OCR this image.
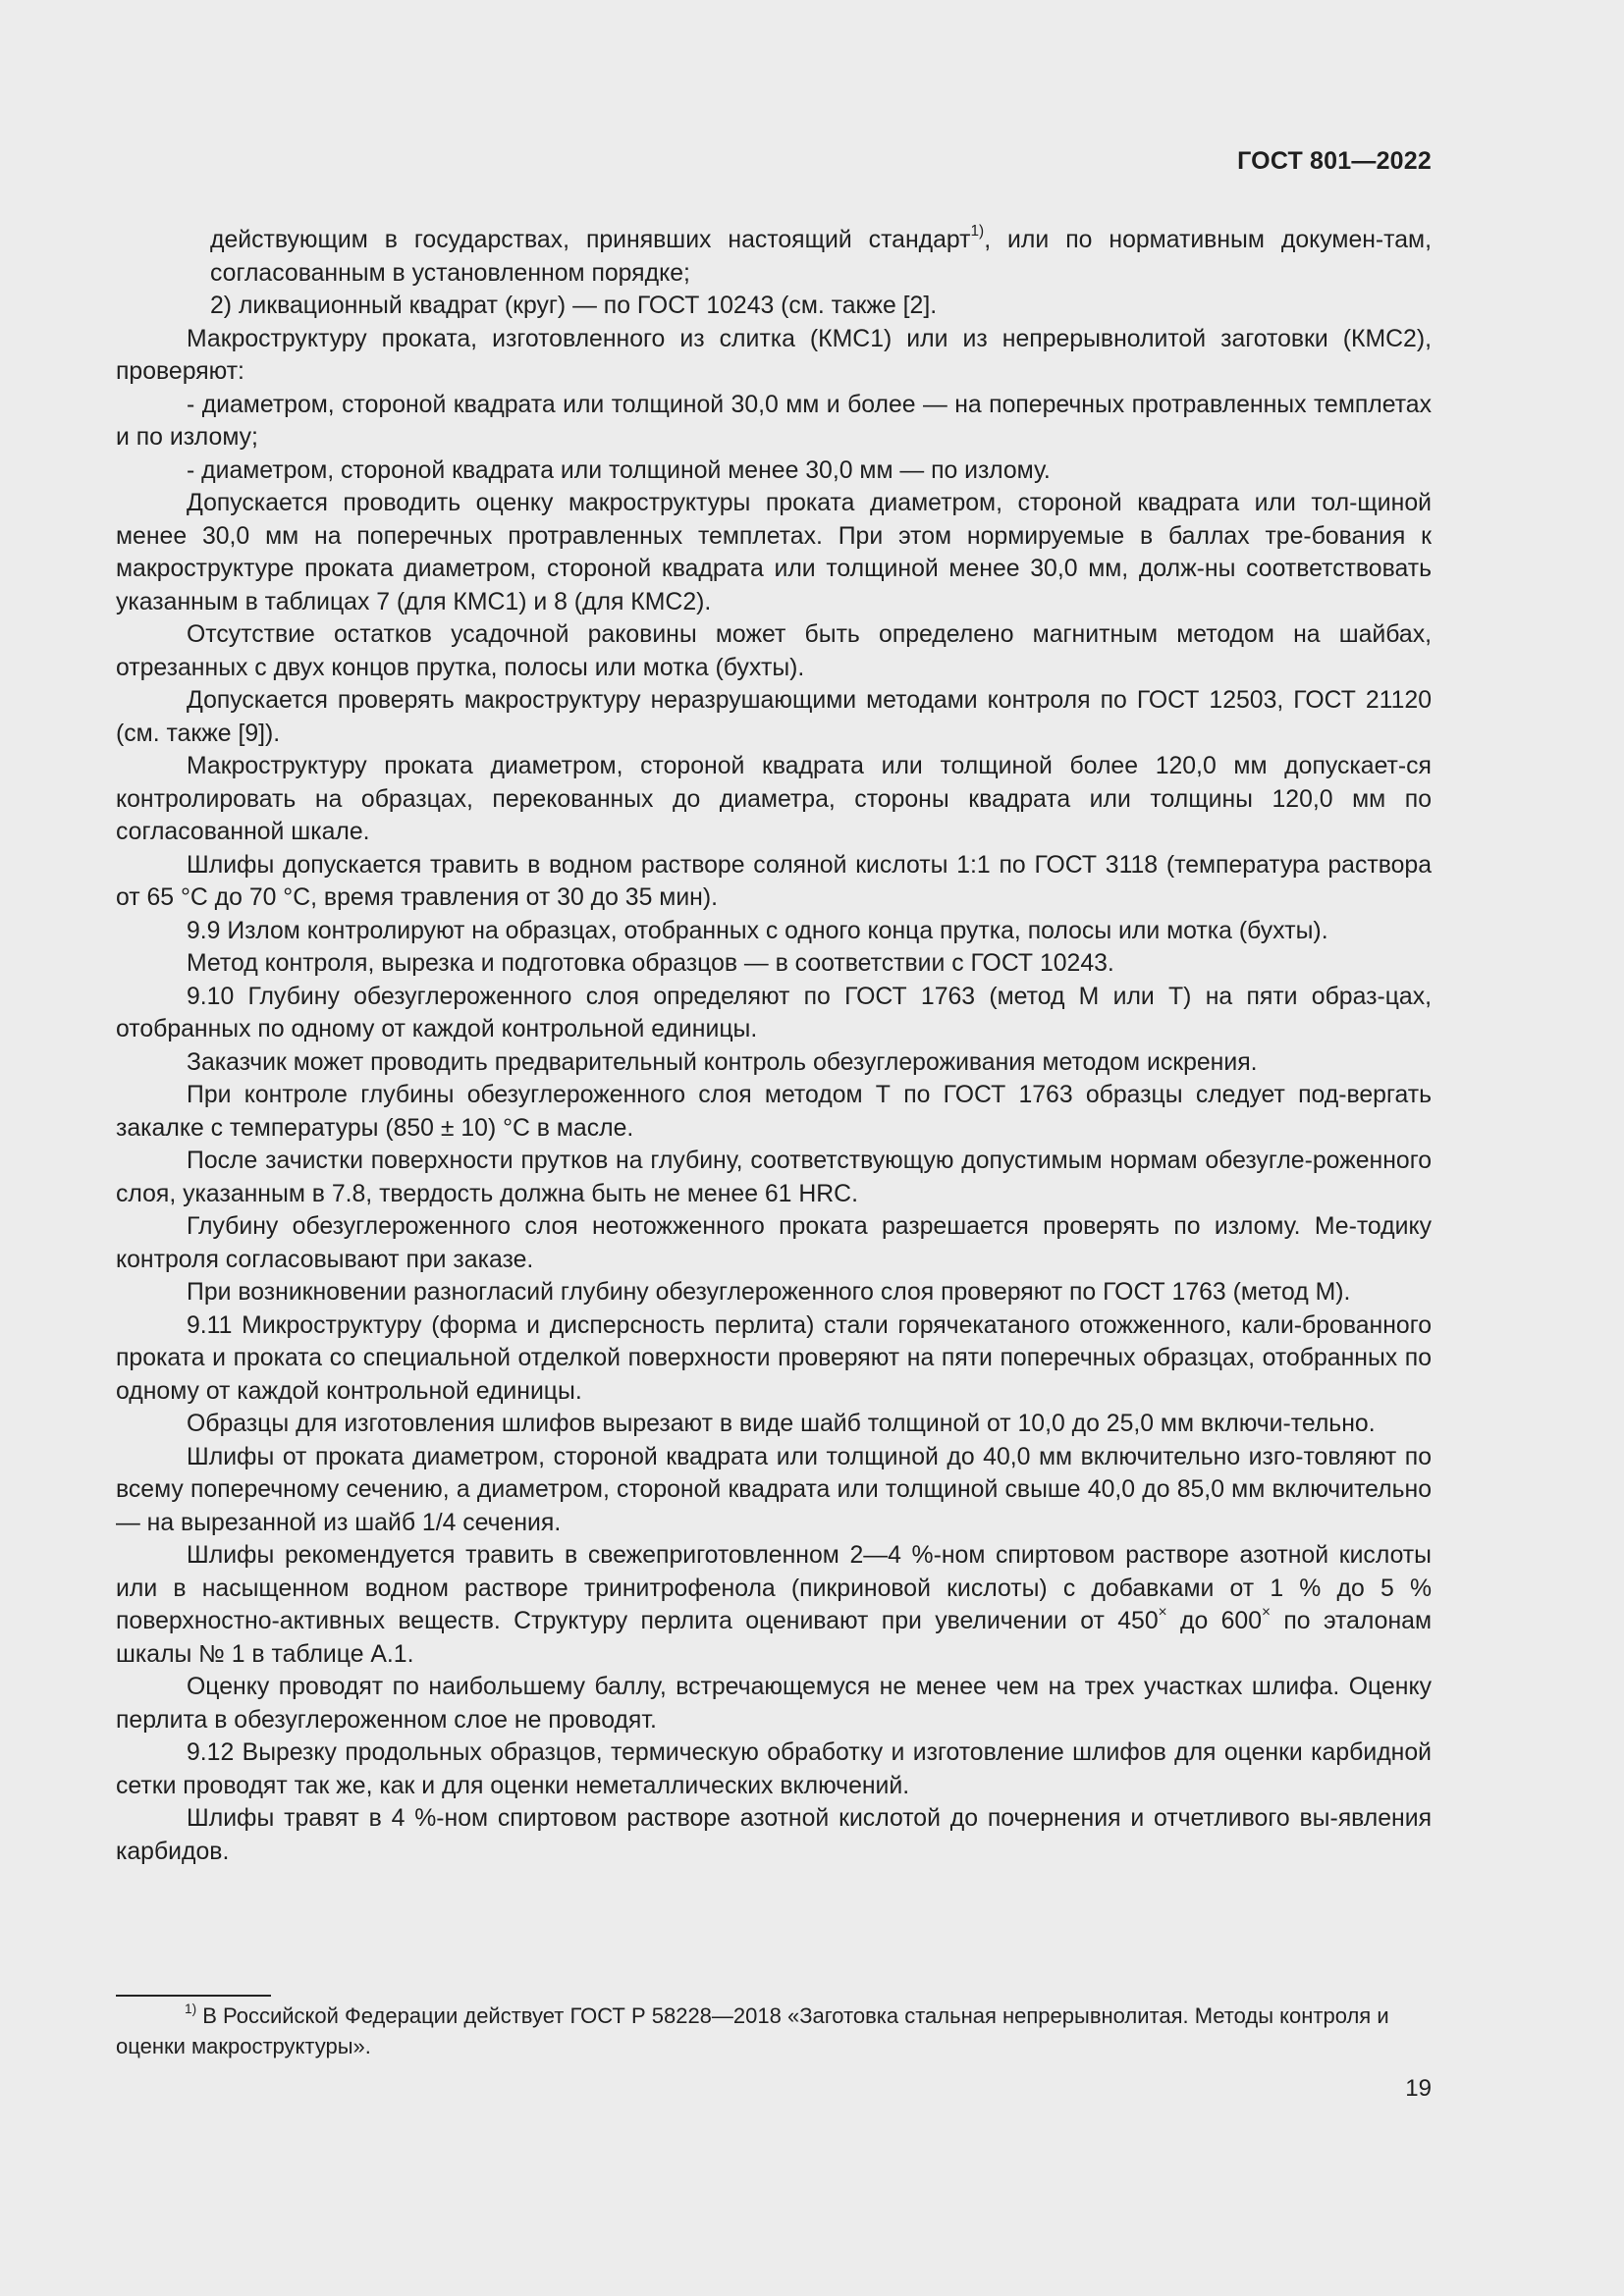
ГОСТ 801—2022

действующим в государствах, принявших настоящий стандарт$^{1)}$, или по нормативным докумен-там, согласованным в установленном порядке;

2) ликвационный квадрат (круг) — по ГОСТ 10243 (см. также [2].

Макроструктуру проката, изготовленного из слитка (КМС1) или из непрерывнолитой заготовки (КМС2), проверяют:

- диаметром, стороной квадрата или толщиной 30,0 мм и более — на поперечных протравленных темплетах и по излому;

- диаметром, стороной квадрата или толщиной менее 30,0 мм — по излому.

Допускается проводить оценку макроструктуры проката диаметром, стороной квадрата или тол-щиной менее 30,0 мм на поперечных протравленных темплетах. При этом нормируемые в баллах тре-бования к макроструктуре проката диаметром, стороной квадрата или толщиной менее 30,0 мм, долж-ны соответствовать указанным в таблицах 7 (для КМС1) и 8 (для КМС2).

Отсутствие остатков усадочной раковины может быть определено магнитным методом на шайбах, отрезанных с двух концов прутка, полосы или мотка (бухты).

Допускается проверять макроструктуру неразрушающими методами контроля по ГОСТ 12503, ГОСТ 21120 (см. также [9]).

Макроструктуру проката диаметром, стороной квадрата или толщиной более 120,0 мм допускает-ся контролировать на образцах, перекованных до диаметра, стороны квадрата или толщины 120,0 мм по согласованной шкале.

Шлифы допускается травить в водном растворе соляной кислоты 1:1 по ГОСТ 3118 (температура раствора от 65 °С до 70 °С, время травления от 30 до 35 мин).

9.9 Излом контролируют на образцах, отобранных с одного конца прутка, полосы или мотка (бухты).

Метод контроля, вырезка и подготовка образцов — в соответствии с ГОСТ 10243.

9.10 Глубину обезуглероженного слоя определяют по ГОСТ 1763 (метод М или Т) на пяти образ-цах, отобранных по одному от каждой контрольной единицы.

Заказчик может проводить предварительный контроль обезуглероживания методом искрения.

При контроле глубины обезуглероженного слоя методом Т по ГОСТ 1763 образцы следует под-вергать закалке с температуры (850 ± 10) °С в масле.

После зачистки поверхности прутков на глубину, соответствующую допустимым нормам обезугле-роженного слоя, указанным в 7.8, твердость должна быть не менее 61 HRC.

Глубину обезуглероженного слоя неотожженного проката разрешается проверять по излому. Ме-тодику контроля согласовывают при заказе.

При возникновении разногласий глубину обезуглероженного слоя проверяют по ГОСТ 1763 (метод М).

9.11 Микроструктуру (форма и дисперсность перлита) стали горячекатаного отожженного, кали-брованного проката и проката со специальной отделкой поверхности проверяют на пяти поперечных образцах, отобранных по одному от каждой контрольной единицы.

Образцы для изготовления шлифов вырезают в виде шайб толщиной от 10,0 до 25,0 мм включи-тельно.

Шлифы от проката диаметром, стороной квадрата или толщиной до 40,0 мм включительно изго-товляют по всему поперечному сечению, а диаметром, стороной квадрата или толщиной свыше 40,0 до 85,0 мм включительно — на вырезанной из шайб 1/4 сечения.

Шлифы рекомендуется травить в свежеприготовленном 2—4 %-ном спиртовом растворе азотной кислоты или в насыщенном водном растворе тринитрофенола (пикриновой кислоты) с добавками от 1 % до 5 % поверхностно-активных веществ. Структуру перлита оценивают при увеличении от 450× до 600× по эталонам шкалы № 1 в таблице А.1.

Оценку проводят по наибольшему баллу, встречающемуся не менее чем на трех участках шлифа. Оценку перлита в обезуглероженном слое не проводят.

9.12 Вырезку продольных образцов, термическую обработку и изготовление шлифов для оценки карбидной сетки проводят так же, как и для оценки неметаллических включений.

Шлифы травят в 4 %-ном спиртовом растворе азотной кислотой до почернения и отчетливого вы-явления карбидов.

$^{1)}$ В Российской Федерации действует ГОСТ Р 58228—2018 «Заготовка стальная непрерывнолитая. Методы контроля и оценки макроструктуры».

19
